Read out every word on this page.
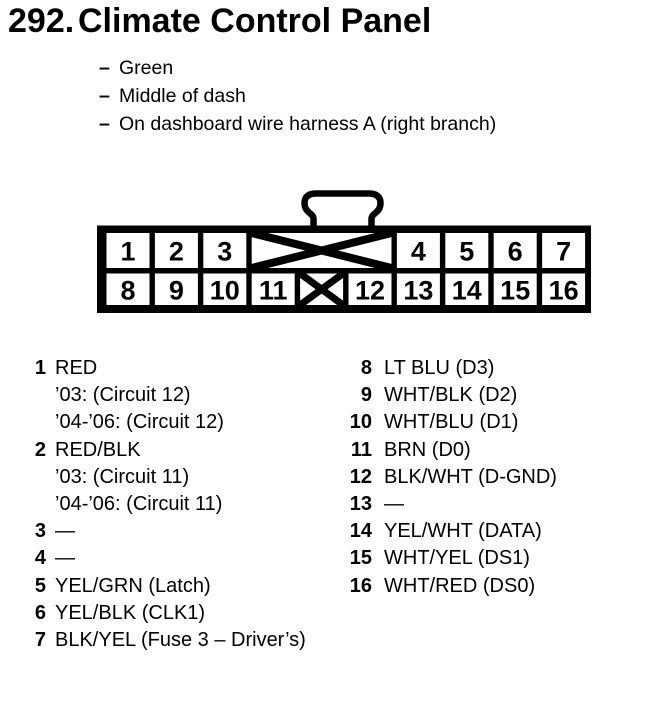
292. Climate Control Panel
– Green
– Middle of dash
– On dashboard wire harness A (right branch)
1 2 3	4 5 6 7
8 9 10 11	12 13 14 15 16
1 RED
’03: (Circuit 12)
’04-’06: (Circuit 12)
2 RED/BLK
’03: (Circuit 11)
’04-’06: (Circuit 11)
3 —
4 —
5 YEL/GRN (Latch)
6 YEL/BLK (CLK1)
7 BLK/YEL (Fuse 3 – Driver’s)
8 LT BLU (D3)
9 WHT/BLK (D2)
10 WHT/BLU (D1)
11 BRN (D0)
12 BLK/WHT (D-GND)
13 —
14 YEL/WHT (DATA)
15 WHT/YEL (DS1)
16 WHT/RED (DS0)
